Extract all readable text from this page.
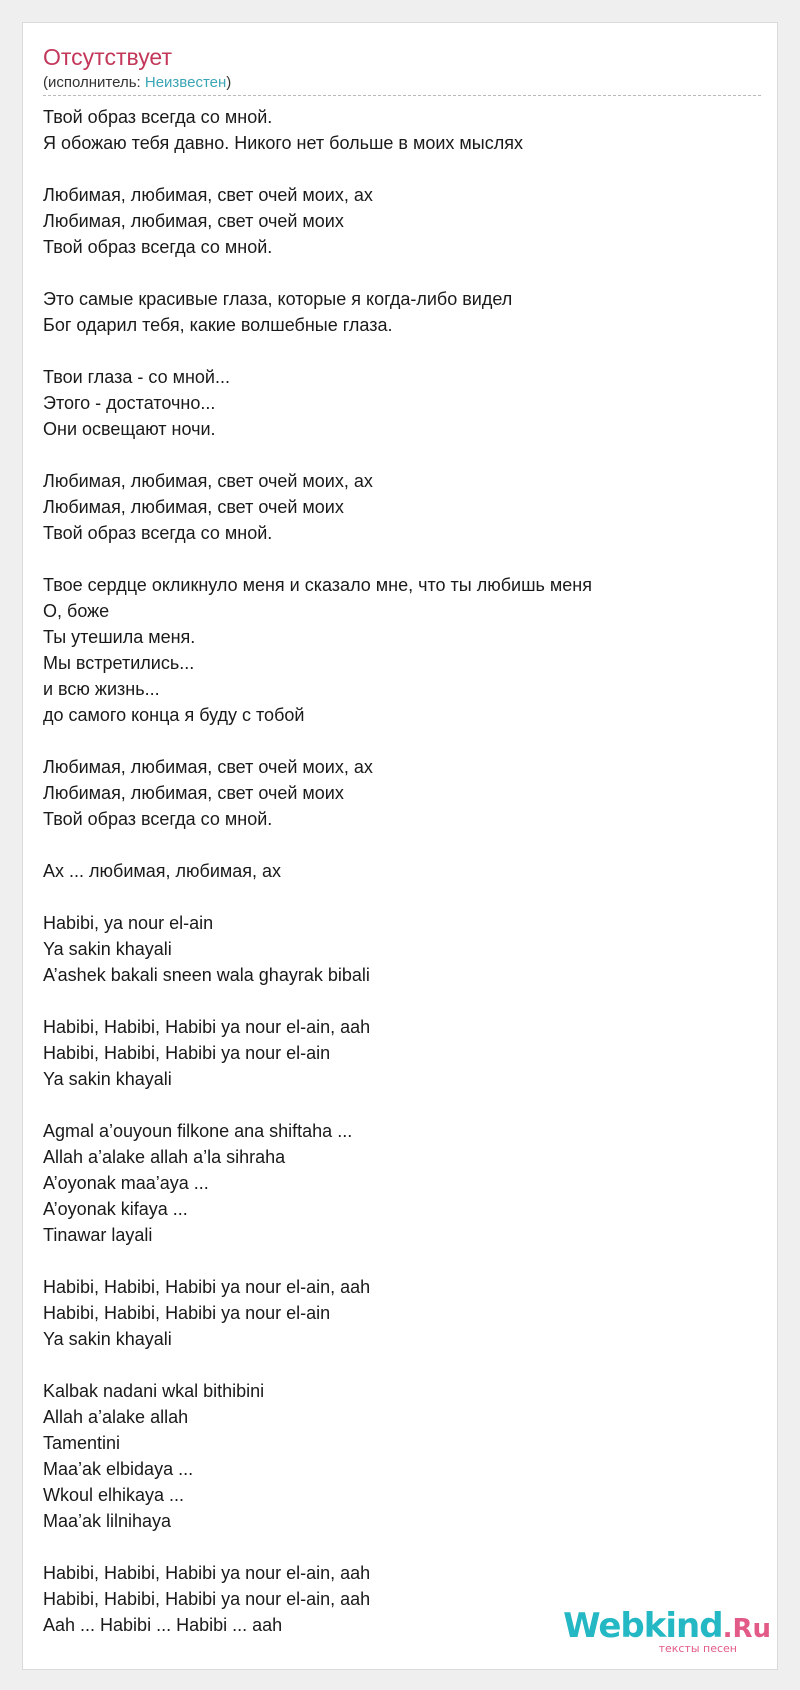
Отсутствует
(исполнитель: Неизвестен)
Твой образ всегда со мной.
Я обожаю тебя давно. Никого нет больше в моих мыслях
Любимая, любимая, свет очей моих, ах
Любимая, любимая, свет очей моих
Твой образ всегда со мной.
Это самые красивые глаза, которые я когда-либо видел
Бог одарил тебя, какие волшебные глаза.
Твои глаза - со мной...
Этого - достаточно...
Они освещают ночи.
Любимая, любимая, свет очей моих, ах
Любимая, любимая, свет очей моих
Твой образ всегда со мной.
Твое сердце окликнуло меня и сказало мне, что ты любишь меня
О, боже
Ты утешила меня.
Мы встретились...
и всю жизнь...
до самого конца я буду с тобой
Любимая, любимая, свет очей моих, ах
Любимая, любимая, свет очей моих
Твой образ всегда со мной.
Ах ... любимая, любимая, ах
Habibi, ya nour el-ain
Ya sakin khayali
A’ashek bakali sneen wala ghayrak bibali
Habibi, Habibi, Habibi ya nour el-ain, aah
Habibi, Habibi, Habibi ya nour el-ain
Ya sakin khayali
Agmal a’ouyoun filkone ana shiftaha ...
Allah a’alake allah a’la sihraha
A’oyonak maa’aya ...
A’oyonak kifaya ...
Tinawar layali
Habibi, Habibi, Habibi ya nour el-ain, aah
Habibi, Habibi, Habibi ya nour el-ain
Ya sakin khayali
Kalbak nadani wkal bithibini
Allah a’alake allah
Tamentini
Maa’ak elbidaya ...
Wkoul elhikaya ...
Maa’ak lilnihaya
Habibi, Habibi, Habibi ya nour el-ain, aah
Habibi, Habibi, Habibi ya nour el-ain, aah
Aah ... Habibi ... Habibi ... aah	Webkind.Ru
тексты песен
